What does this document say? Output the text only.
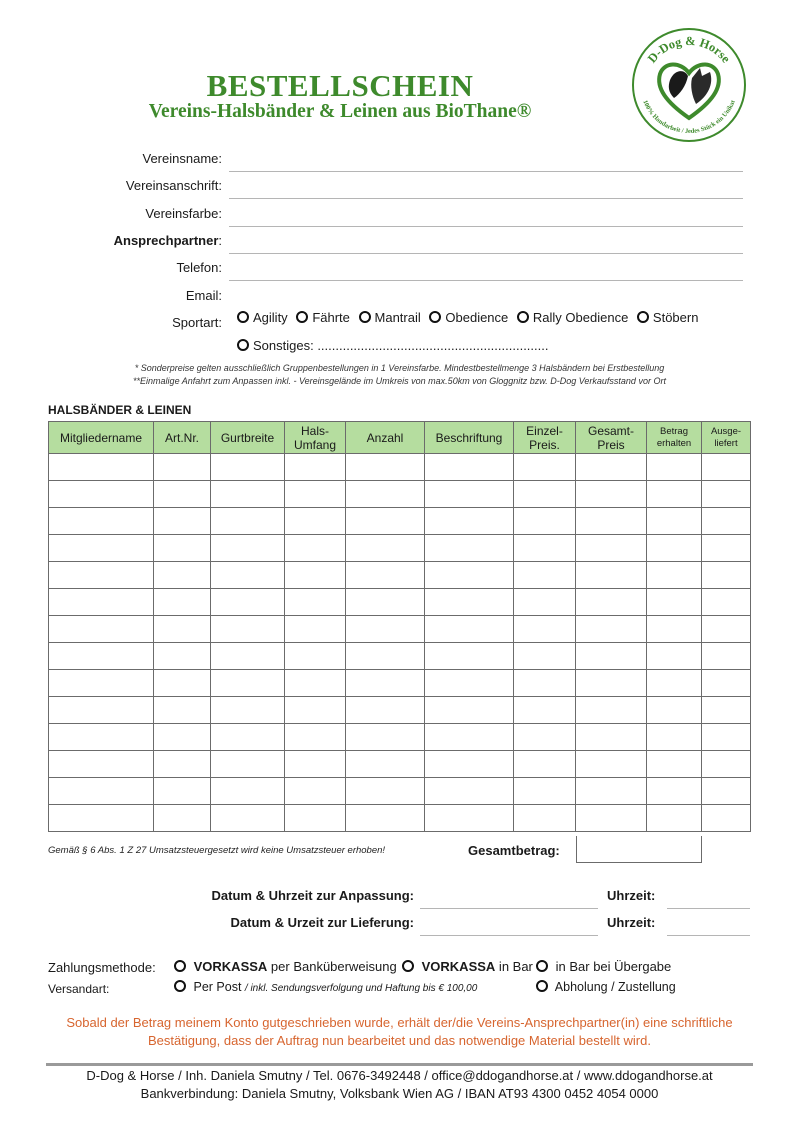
BESTELLSCHEIN
Vereins-Halsbänder & Leinen aus BioThane®
D-Dog & Horse
100% Handarbeit / Jedes Stück ein Unikat
Vereinsname:
Vereinsanschrift:
Vereinsfarbe:
Ansprechpartner:
Telefon:
Email:
Sportart:	Agility Fährte Mantrail Obedience Rally Obedience Stöbern
Sonstiges: ................................................................
* Sonderpreise gelten ausschließlich Gruppenbestellungen in 1 Vereinsfarbe. Mindestbestellmenge 3 Halsbändern bei Erstbestellung
**Einmalige Anfahrt zum Anpassen inkl. - Vereinsgelände im Umkreis von max.50km von Gloggnitz bzw. D-Dog Verkaufsstand vor Ort
HALSBÄNDER & LEINEN
Mitgliedername	Art.Nr.	Gurtbreite	Hals-Umfang	Anzahl	Beschriftung	Einzel-Preis.	Gesamt-Preis	Betrag erhalten	Ausge-liefert

Gemäß § 6 Abs. 1 Z 27 Umsatzsteuergesetzt wird keine Umsatzsteuer erhoben!	Gesamtbetrag:
Datum & Uhrzeit zur Anpassung:	Uhrzeit:
Datum & Urzeit zur Lieferung:	Uhrzeit:
Zahlungsmethode:	VORKASSA per Banküberweisung	VORKASSA in Bar	in Bar bei Übergabe
Versandart:	Per Post / inkl. Sendungsverfolgung und Haftung bis € 100,00	Abholung / Zustellung
Sobald der Betrag meinem Konto gutgeschrieben wurde, erhält der/die Vereins-Ansprechpartner(in) eine schriftliche Bestätigung, dass der Auftrag nun bearbeitet und das notwendige Material bestellt wird.
D-Dog & Horse / Inh. Daniela Smutny / Tel. 0676-3492448 / office@ddogandhorse.at / www.ddogandhorse.at
Bankverbindung: Daniela Smutny, Volksbank Wien AG / IBAN AT93 4300 0452 4054 0000
